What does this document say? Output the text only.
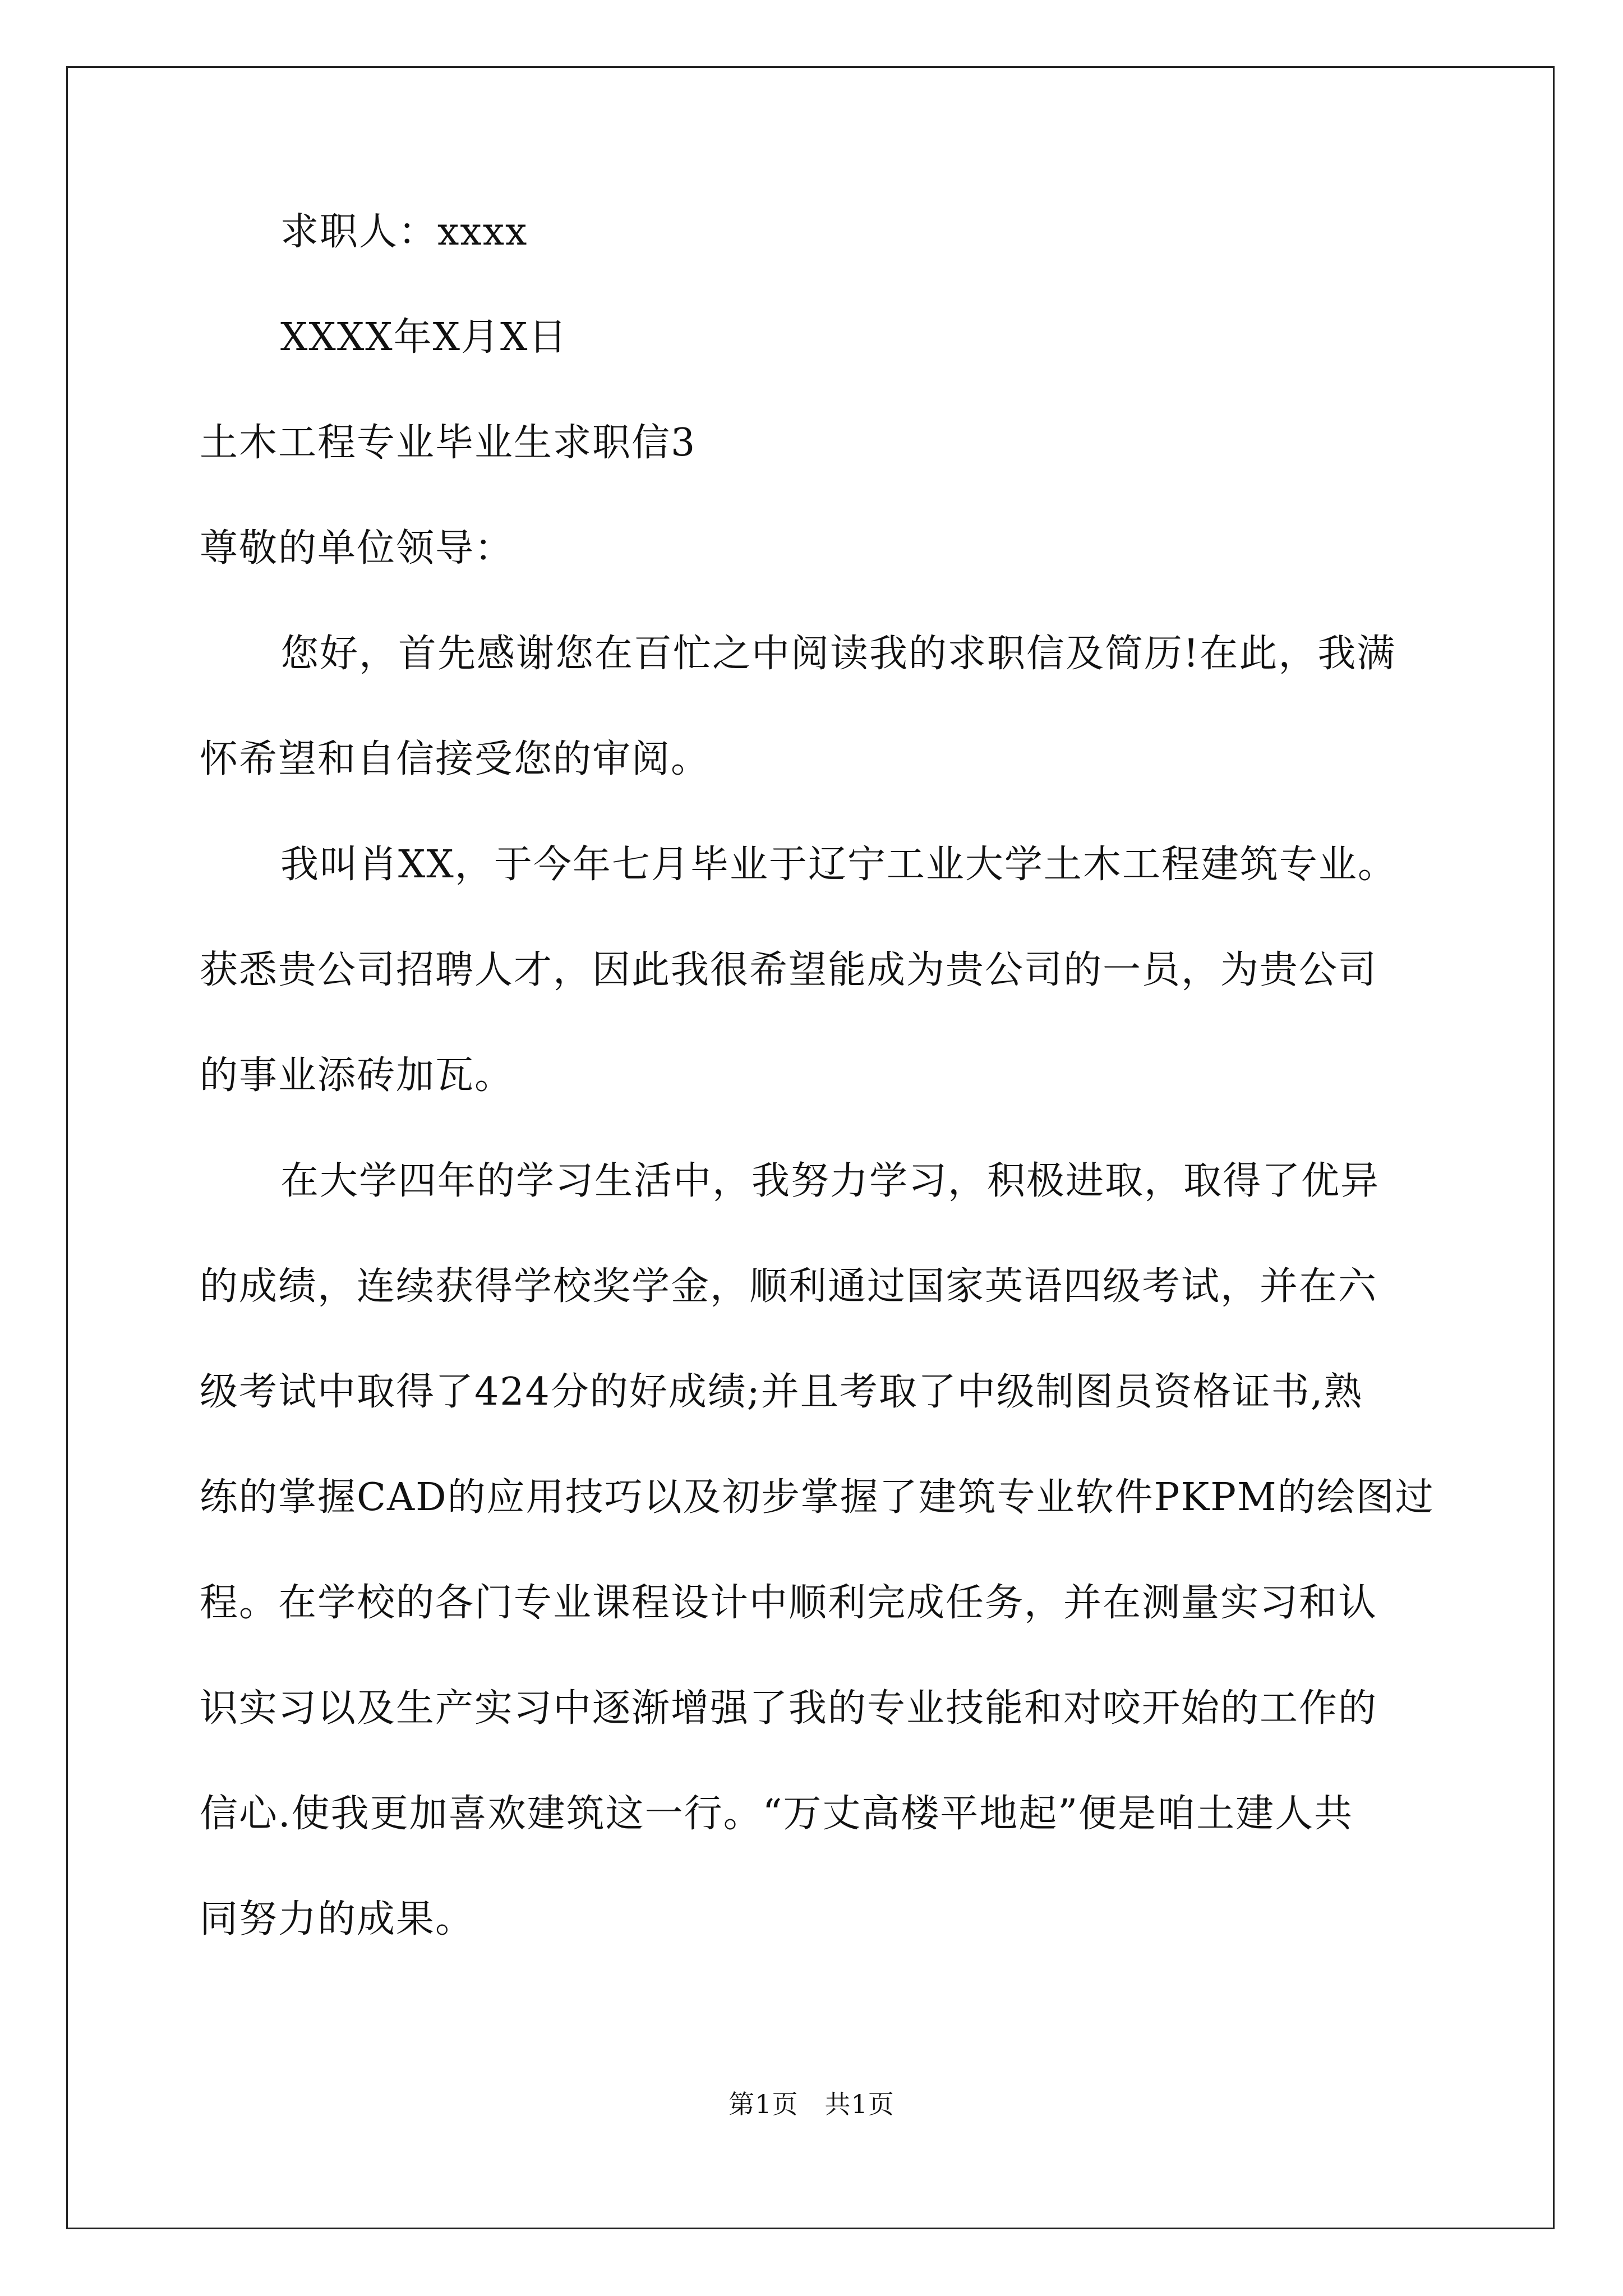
求职人：xxxx
XXXX年X月X日
土木工程专业毕业生求职信3
尊敬的单位领导：
您好，首先感谢您在百忙之中阅读我的求职信及简历!在此，我满
怀希望和自信接受您的审阅。
我叫肖XX，于今年七月毕业于辽宁工业大学土木工程建筑专业。
获悉贵公司招聘人才，因此我很希望能成为贵公司的一员，为贵公司
的事业添砖加瓦。
在大学四年的学习生活中，我努力学习，积极进取，取得了优异
的成绩，连续获得学校奖学金，顺利通过国家英语四级考试，并在六
级考试中取得了424分的好成绩;并且考取了中级制图员资格证书,熟
练的掌握CAD的应用技巧以及初步掌握了建筑专业软件PKPM的绘图过
程。在学校的各门专业课程设计中顺利完成任务，并在测量实习和认
识实习以及生产实习中逐渐增强了我的专业技能和对咬开始的工作的
信心.使我更加喜欢建筑这一行。“万丈高楼平地起”便是咱土建人共
同努力的成果。
第1页　共1页
